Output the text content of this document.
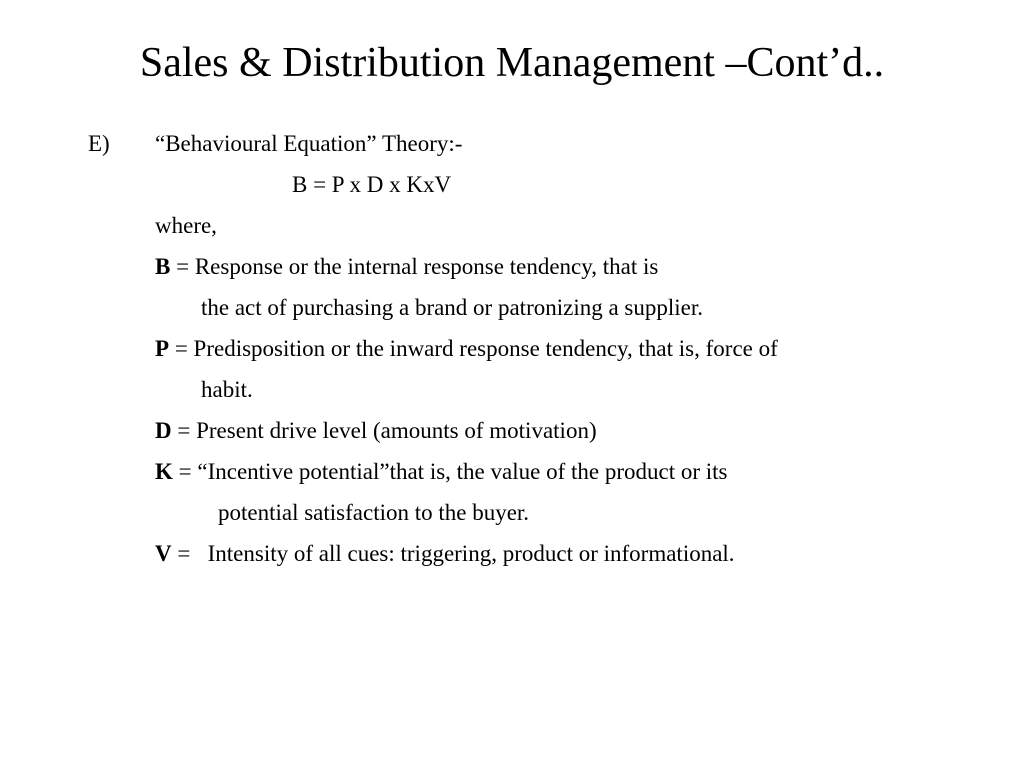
Sales & Distribution Management –Cont’d..
E) “Behavioural Equation” Theory:-
B = P x D x KxV
where,
B = Response or the internal response tendency, that is
the act of purchasing a brand or patronizing a supplier.
P = Predisposition or the inward response tendency, that is, force of
habit.
D = Present drive level (amounts of motivation)
K = “Incentive potential”that is, the value of the product or its
potential satisfaction to the buyer.
V =   Intensity of all cues: triggering, product or informational.
